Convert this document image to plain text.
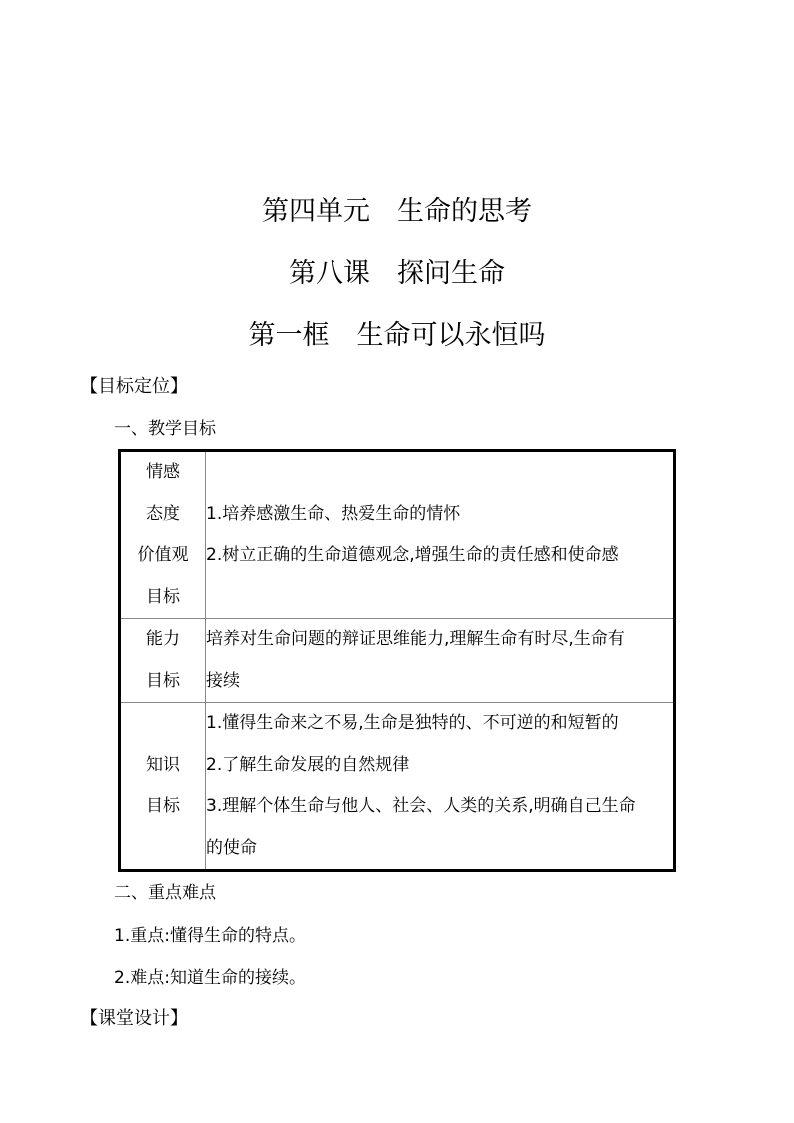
第四单元　生命的思考
第八课　探问生命
第一框　生命可以永恒吗
【目标定位】
一、教学目标
情感
态度
价值观
目标	1.培养感激生命、热爱生命的情怀
2.树立正确的生命道德观念,增强生命的责任感和使命感

能力
目标	培养对生命问题的辩证思维能力,理解生命有时尽,生命有
接续

知识
目标	1.懂得生命来之不易,生命是独特的、不可逆的和短暂的
2.了解生命发展的自然规律
3.理解个体生命与他人、社会、人类的关系,明确自己生命
的使命
二、重点难点
1.重点:懂得生命的特点。
2.难点:知道生命的接续。
【课堂设计】
